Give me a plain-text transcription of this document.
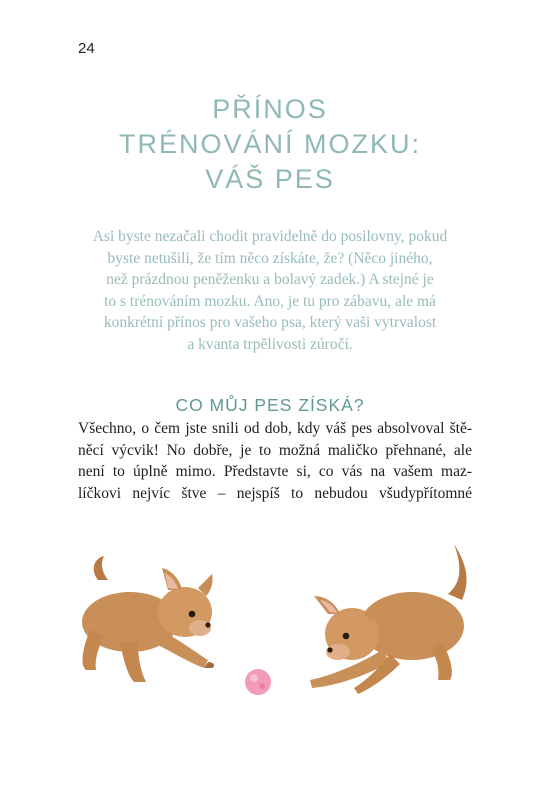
24
PŘÍNOS
TRÉNOVÁNÍ MOZKU:
VÁŠ PES
Asi byste nezačali chodit pravidelně do posilovny, pokud
byste netušili, že tím něco získáte, že? (Něco jiného,
než prázdnou peněženku a bolavý zadek.) A stejné je
to s trénováním mozku. Ano, je tu pro zábavu, ale má
konkrétní přínos pro vašeho psa, který vaši vytrvalost
a kvanta trpělivosti zúročí.
CO MŮJ PES ZÍSKÁ?
Všechno, o čem jste snili od dob, kdy váš pes absolvoval ště-
něcí výcvik! No dobře, je to možná maličko přehnané, ale
není to úplně mimo. Představte si, co vás na vašem maz-
líčkovi nejvíc štve – nejspíš to nebudou všudypřítomné
